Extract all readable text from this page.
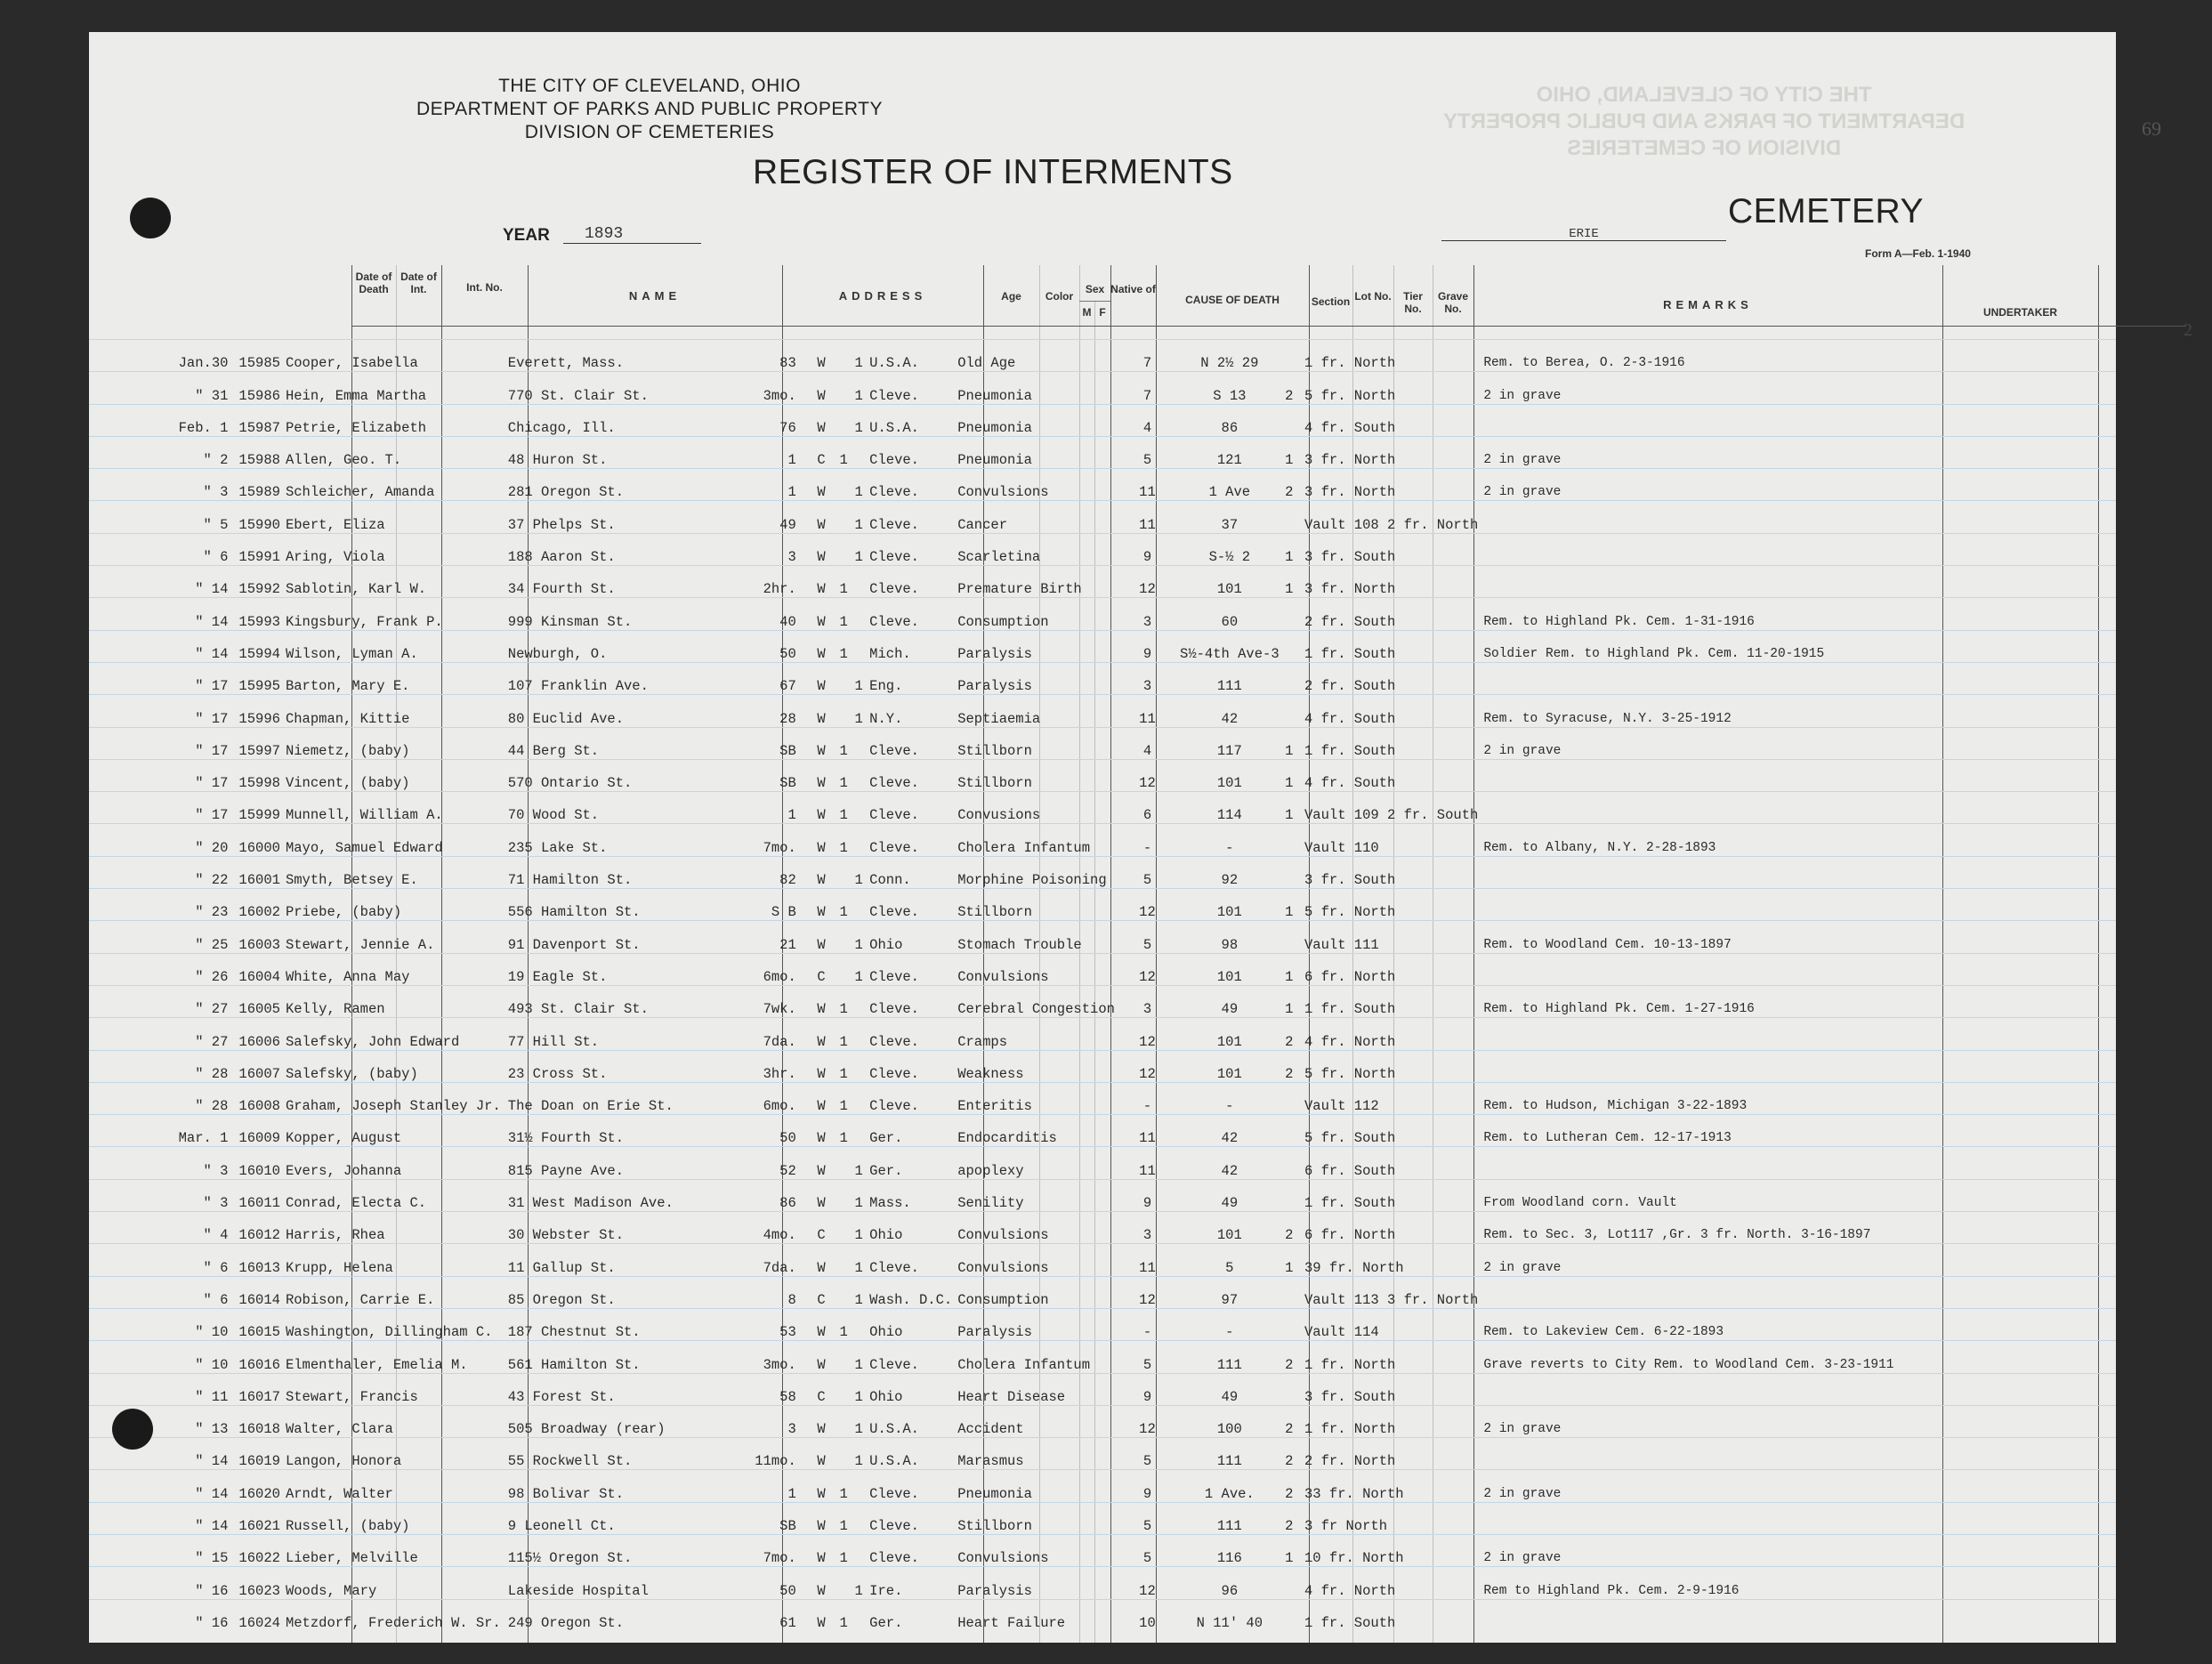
THE CITY OF CLEVELAND, OHIO
DEPARTMENT OF PARKS AND PUBLIC PROPERTY
DIVISION OF CEMETERIES
THE CITY OF CLEVELAND, OHIO
DEPARTMENT OF PARKS AND PUBLIC PROPERTY
DIVISION OF CEMETERIES
REGISTER OF INTERMENTS
YEAR	1893	ERIE
CEMETERY
Form A—Feb. 1-1940
69
2
Date of Death
Date of Int.	Int. No.
NAME	ADDRESS	Age	Color
Sex
M F
Native of
CAUSE OF DEATH	Section Lot No.	Tier No.
Grave No.	REMARKS
UNDERTAKER
Jan.30	15985	Cooper, Isabella	Everett, Mass.	83	W		1	U.S.A.	Old Age	7	N 2½ 29		1 fr. North	Rem. to Berea, O. 2-3-1916	
" 31	15986	Hein, Emma Martha	770 St. Clair St.	3mo.	W		1	Cleve.	Pneumonia	7	S 13	2	5 fr. North	2 in grave	
Feb. 1	15987	Petrie, Elizabeth	Chicago, Ill.	76	W		1	U.S.A.	Pneumonia	4	86		4 fr. South		
" 2	15988	Allen, Geo. T.	48 Huron St.	1	C	1		Cleve.	Pneumonia	5	121	1	3 fr. North	2 in grave	
" 3	15989	Schleicher, Amanda	281 Oregon St.	1	W		1	Cleve.	Convulsions	11	1 Ave	2	3 fr. North	2 in grave	
" 5	15990	Ebert, Eliza	37 Phelps St.	49	W		1	Cleve.	Cancer	11	37		Vault 108 2 fr. North		
" 6	15991	Aring, Viola	188 Aaron St.	3	W		1	Cleve.	Scarletina	9	S-½ 2	1	3 fr. South		
" 14	15992	Sablotin, Karl W.	34 Fourth St.	2hr.	W	1		Cleve.	Premature Birth	12	101	1	3 fr. North		
" 14	15993	Kingsbury, Frank P.	999 Kinsman St.	40	W	1		Cleve.	Consumption	3	60		2 fr. South	Rem. to Highland Pk. Cem. 1-31-1916	
" 14	15994	Wilson, Lyman A.	Newburgh, O.	50	W	1		Mich.	Paralysis	9	S½-4th Ave-3		1 fr. South	Soldier Rem. to Highland Pk. Cem. 11-20-1915	
" 17	15995	Barton, Mary E.	107 Franklin Ave.	67	W		1	Eng.	Paralysis	3	111		2 fr. South		
" 17	15996	Chapman, Kittie	80 Euclid Ave.	28	W		1	N.Y.	Septiaemia	11	42		4 fr. South	Rem. to Syracuse, N.Y. 3-25-1912	
" 17	15997	Niemetz, (baby)	44 Berg St.	SB	W	1		Cleve.	Stillborn	4	117	1	1 fr. South	2 in grave	
" 17	15998	Vincent, (baby)	570 Ontario St.	SB	W	1		Cleve.	Stillborn	12	101	1	4 fr. South		
" 17	15999	Munnell, William A.	70 Wood St.	1	W	1		Cleve.	Convusions	6	114	1	Vault 109 2 fr. South		
" 20	16000	Mayo, Samuel Edward	235 Lake St.	7mo.	W	1		Cleve.	Cholera Infantum	-	-		Vault 110	Rem. to Albany, N.Y. 2-28-1893	
" 22	16001	Smyth, Betsey E.	71 Hamilton St.	82	W		1	Conn.	Morphine Poisoning	5	92		3 fr. South		
" 23	16002	Priebe, (baby)	556 Hamilton St.	S B	W	1		Cleve.	Stillborn	12	101	1	5 fr. North		
" 25	16003	Stewart, Jennie A.	91 Davenport St.	21	W		1	Ohio	Stomach Trouble	5	98		Vault 111	Rem. to Woodland Cem. 10-13-1897	
" 26	16004	White, Anna May	19 Eagle St.	6mo.	C		1	Cleve.	Convulsions	12	101	1	6 fr. North		
" 27	16005	Kelly, Ramen	493 St. Clair St.	7wk.	W	1		Cleve.	Cerebral Congestion	3	49	1	1 fr. South	Rem. to Highland Pk. Cem. 1-27-1916	
" 27	16006	Salefsky, John Edward	77 Hill St.	7da.	W	1		Cleve.	Cramps	12	101	2	4 fr. North		
" 28	16007	Salefsky, (baby)	23 Cross St.	3hr.	W	1		Cleve.	Weakness	12	101	2	5 fr. North		
" 28	16008	Graham, Joseph Stanley Jr.	The Doan on Erie St.	6mo.	W	1		Cleve.	Enteritis	-	-		Vault 112	Rem. to Hudson, Michigan 3-22-1893	
Mar. 1	16009	Kopper, August	31½ Fourth St.	50	W	1		Ger.	Endocarditis	11	42		5 fr. South	Rem. to Lutheran Cem. 12-17-1913	
" 3	16010	Evers, Johanna	815 Payne Ave.	52	W		1	Ger.	apoplexy	11	42		6 fr. South		
" 3	16011	Conrad, Electa C.	31 West Madison Ave.	86	W		1	Mass.	Senility	9	49		1 fr. South	From Woodland corn. Vault	
" 4	16012	Harris, Rhea	30 Webster St.	4mo.	C		1	Ohio	Convulsions	3	101	2	6 fr. North	Rem. to Sec. 3, Lot117 ,Gr. 3 fr. North. 3-16-1897	
" 6	16013	Krupp, Helena	11 Gallup St.	7da.	W		1	Cleve.	Convulsions	11	5	1	39 fr. North	2 in grave	
" 6	16014	Robison, Carrie E.	85 Oregon St.	8	C		1	Wash. D.C.	Consumption	12	97		Vault 113 3 fr. North		
" 10	16015	Washington, Dillingham C.	187 Chestnut St.	53	W	1		Ohio	Paralysis	-	-		Vault 114	Rem. to Lakeview Cem. 6-22-1893	
" 10	16016	Elmenthaler, Emelia M.	561 Hamilton St.	3mo.	W		1	Cleve.	Cholera Infantum	5	111	2	1 fr. North	Grave reverts to City Rem. to Woodland Cem. 3-23-1911	
" 11	16017	Stewart, Francis	43 Forest St.	58	C		1	Ohio	Heart Disease	9	49		3 fr. South		
" 13	16018	Walter, Clara	505 Broadway (rear)	3	W		1	U.S.A.	Accident	12	100	2	1 fr. North	2 in grave	
" 14	16019	Langon, Honora	55 Rockwell St.	11mo.	W		1	U.S.A.	Marasmus	5	111	2	2 fr. North		
" 14	16020	Arndt, Walter	98 Bolivar St.	1	W	1		Cleve.	Pneumonia	9	1 Ave.	2	33 fr. North	2 in grave	
" 14	16021	Russell, (baby)	9 Leonell Ct.	SB	W	1		Cleve.	Stillborn	5	111	2	3 fr North		
" 15	16022	Lieber, Melville	115½ Oregon St.	7mo.	W	1		Cleve.	Convulsions	5	116	1	10 fr. North	2 in grave	
" 16	16023	Woods, Mary	Lakeside Hospital	50	W		1	Ire.	Paralysis	12	96		4 fr. North	Rem to Highland Pk. Cem. 2-9-1916	
" 16	16024	Metzdorf, Frederich W. Sr.	249 Oregon St.	61	W	1		Ger.	Heart Failure	10	N 11' 40		1 fr. South		
